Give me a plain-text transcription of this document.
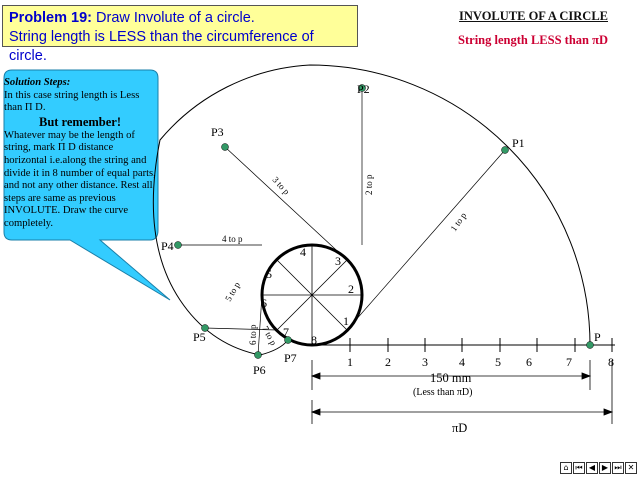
P
P1
P2
P3
P4
P5
P6
P7
1 to p
2 to p
3 to p
4 to p
5 to p
6 to p 7 to p
1
2
3
4
5
6
7
8
1	2	3	4	5 6	7	8
150 mm
(Less than πD)
πD
Problem 19: Draw Involute of a circle.
String length is LESS than the circumference of circle.
INVOLUTE OF A CIRCLE
String length LESS than πD
Solution Steps:
In this case string length is Less than Π D.
But remember!
Whatever may be the length of string, mark Π D distance horizontal i.e.along the string and divide it in 8 number of equal parts, and not any other distance. Rest all steps are same as previous INVOLUTE. Draw the curve completely.
⌂ ⏮ ◀ ▶ ⏭ ✕
